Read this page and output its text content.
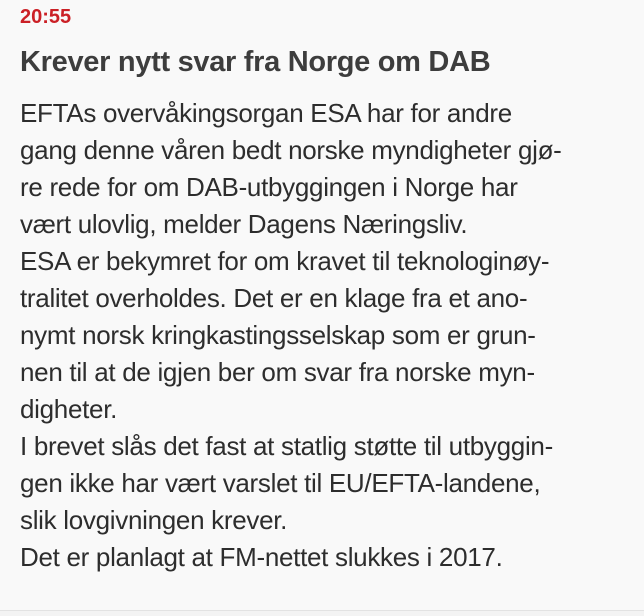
20:55
Krever nytt svar fra Norge om DAB
EFTAs overvåkingsorgan ESA har for andre
gang denne våren bedt norske myndigheter gjø-
re rede for om DAB-utbyggingen i Norge har
vært ulovlig, melder Dagens Næringsliv.
ESA er bekymret for om kravet til teknologinøy-
tralitet overholdes. Det er en klage fra et ano-
nymt norsk kringkastingsselskap som er grun-
nen til at de igjen ber om svar fra norske myn-
digheter.
I brevet slås det fast at statlig støtte til utbyggin-
gen ikke har vært varslet til EU/EFTA-landene,
slik lovgivningen krever.
Det er planlagt at FM-nettet slukkes i 2017.
